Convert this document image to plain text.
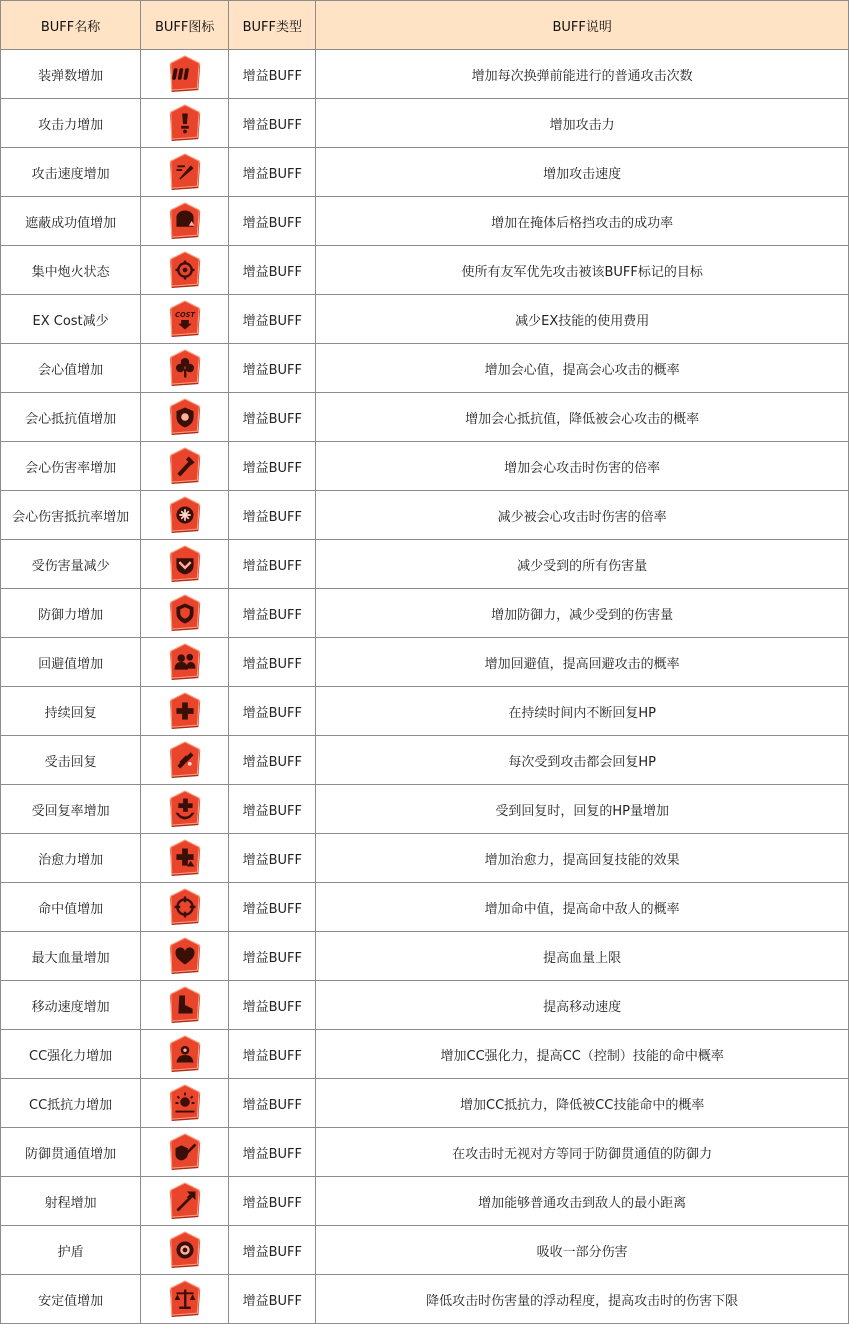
BUFF名称	BUFF图标	BUFF类型	BUFF说明
装弹数增加		增益BUFF	增加每次换弹前能进行的普通攻击次数
攻击力增加		增益BUFF	增加攻击力
攻击速度增加		增益BUFF	增加攻击速度
遮蔽成功值增加		增益BUFF	增加在掩体后格挡攻击的成功率
集中炮火状态		增益BUFF	使所有友军优先攻击被该BUFF标记的目标
EX Cost减少	COST	增益BUFF	减少EX技能的使用费用
会心值增加		增益BUFF	增加会心值，提高会心攻击的概率
会心抵抗值增加		增益BUFF	增加会心抵抗值，降低被会心攻击的概率
会心伤害率增加		增益BUFF	增加会心攻击时伤害的倍率
会心伤害抵抗率增加		增益BUFF	减少被会心攻击时伤害的倍率
受伤害量减少		增益BUFF	减少受到的所有伤害量
防御力增加		增益BUFF	增加防御力，减少受到的伤害量
回避值增加		增益BUFF	增加回避值，提高回避攻击的概率
持续回复		增益BUFF	在持续时间内不断回复HP
受击回复		增益BUFF	每次受到攻击都会回复HP
受回复率增加		增益BUFF	受到回复时，回复的HP量增加
治愈力增加		增益BUFF	增加治愈力，提高回复技能的效果
命中值增加		增益BUFF	增加命中值，提高命中敌人的概率
最大血量增加		增益BUFF	提高血量上限
移动速度增加		增益BUFF	提高移动速度
CC强化力增加		增益BUFF	增加CC强化力，提高CC（控制）技能的命中概率
CC抵抗力增加		增益BUFF	增加CC抵抗力，降低被CC技能命中的概率
防御贯通值增加		增益BUFF	在攻击时无视对方等同于防御贯通值的防御力
射程增加		增益BUFF	增加能够普通攻击到敌人的最小距离
护盾		增益BUFF	吸收一部分伤害
安定值增加		增益BUFF	降低攻击时伤害量的浮动程度，提高攻击时的伤害下限
